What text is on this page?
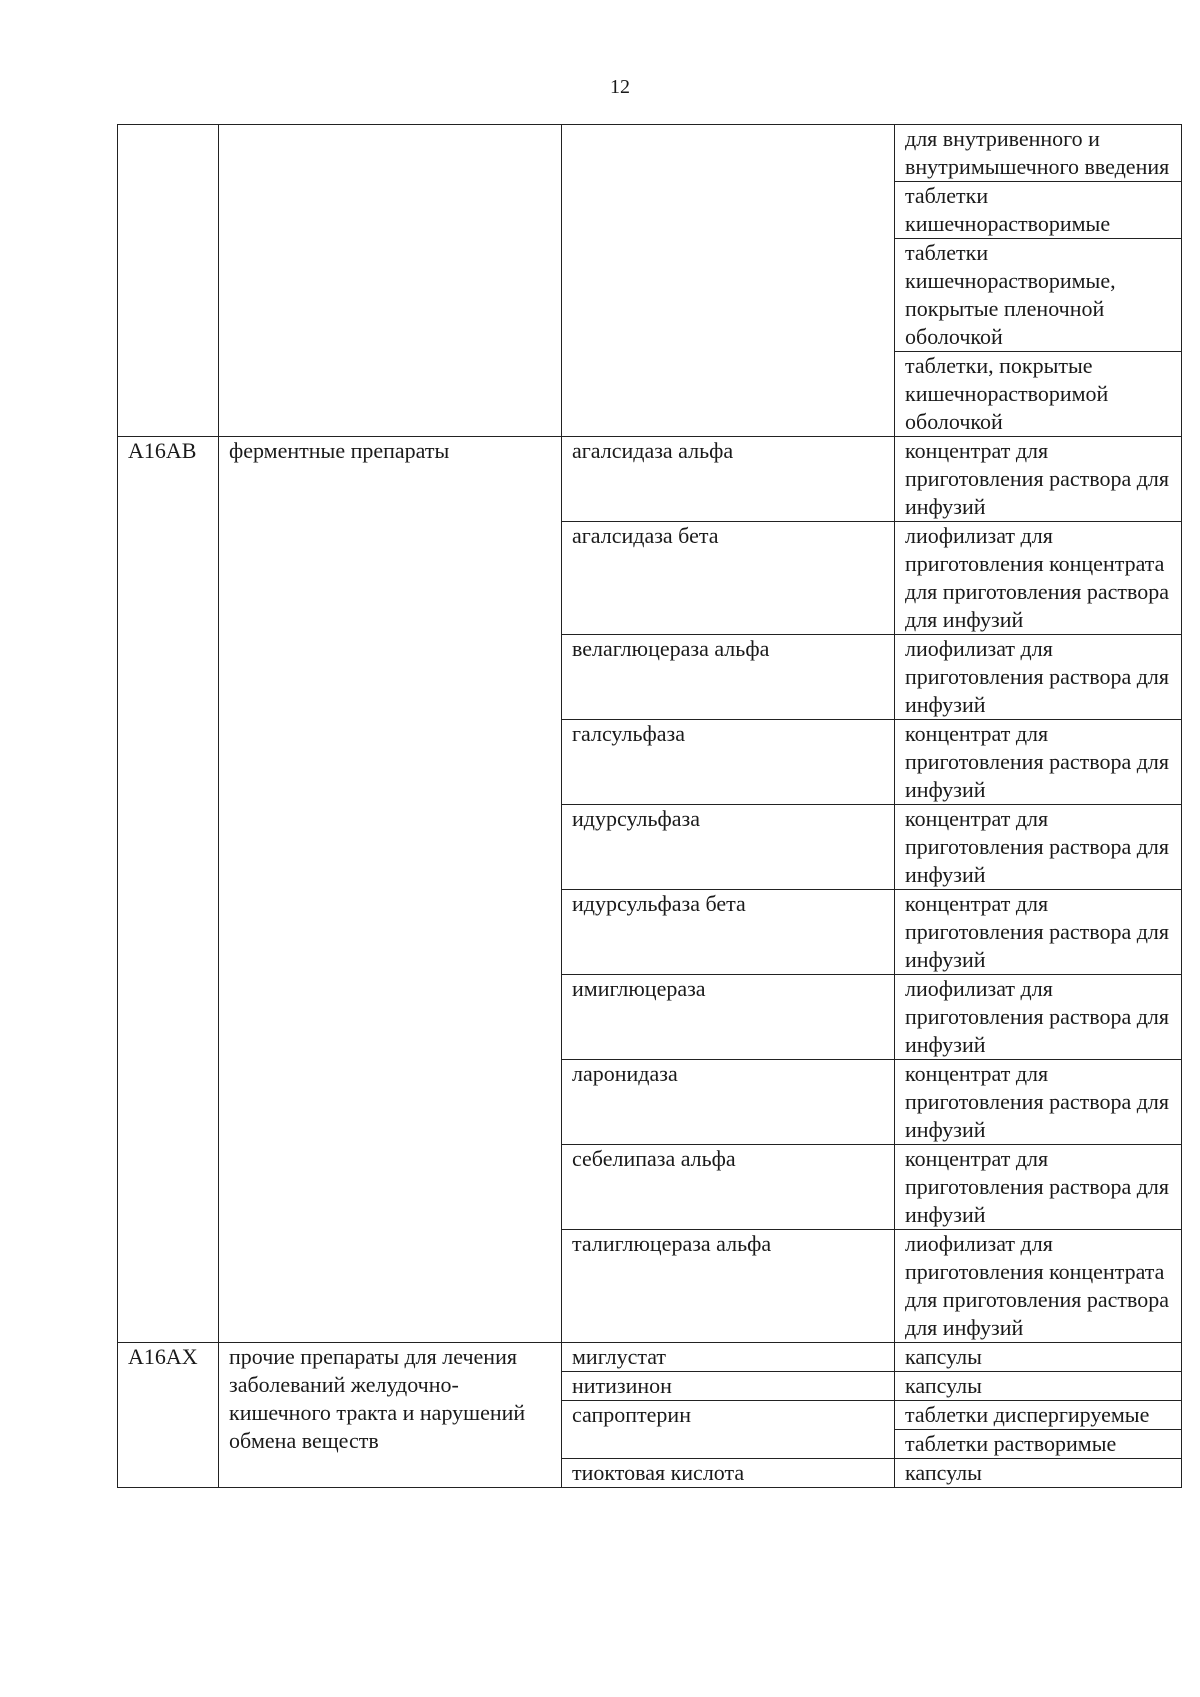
12
			для внутривенного и внутримышечного введения
			таблетки кишечнорастворимые
			таблетки кишечнорастворимые, покрытые пленочной оболочкой
			таблетки, покрытые кишечнорастворимой оболочкой
А16АВ	ферментные препараты	агалсидаза альфа	концентрат для приготовления раствора для инфузий
		агалсидаза бета	лиофилизат для приготовления концентрата для приготовления раствора для инфузий
		велаглюцераза альфа	лиофилизат для приготовления раствора для инфузий
		галсульфаза	концентрат для приготовления раствора для инфузий
		идурсульфаза	концентрат для приготовления раствора для инфузий
		идурсульфаза бета	концентрат для приготовления раствора для инфузий
		имиглюцераза	лиофилизат для приготовления раствора для инфузий
		ларонидаза	концентрат для приготовления раствора для инфузий
		себелипаза альфа	концентрат для приготовления раствора для инфузий
		талиглюцераза альфа	лиофилизат для приготовления концентрата для приготовления раствора для инфузий
А16АХ	прочие препараты для лечения заболеваний желудочно-кишечного тракта и нарушений обмена веществ	миглустат	капсулы
		нитизинон	капсулы
		сапроптерин	таблетки диспергируемые
			таблетки растворимые
		тиоктовая кислота	капсулы
